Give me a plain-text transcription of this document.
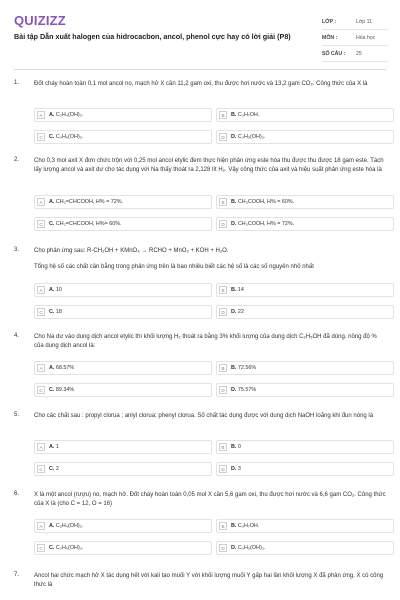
QUIZIZZ
Bài tập Dẫn xuất halogen của hidrocacbon, ancol, phenol cực hay có lời giải (P8)
LỚP :	Lớp 11
MÔN :	Hóa học
SỐ CÂU :	25
1. Đốt cháy hoàn toàn 0,1 mol ancol no, mạch hở X cần 11,2 gam oxi, thu được hơi nước và 13,2 gam CO₂. Công thức của X là
A	A. C₂H₄(OH)₂.	B	B. C₃H₇OH.
C	C. C₃H₆(OH)₂.	D	D. C₃H₅(OH)₃.
2. Cho 0,3 mol axit X đơn chức trộn với 0,25 mol ancol etylic đem thực hiện phản ứng este hóa thu được thu được 18 gam este. Tách lấy lượng ancol và axit dư cho tác dụng với Na thấy thoát ra 2,128 lít H₂. Vậy công thức của axit và hiệu suất phản ứng este hóa là
A	A. CH₂=CHCOOH, H% = 72%.	B	B. CH₃COOH, H% = 60%.
C	C. CH₂=CHCOOH, H%= 60%.	D	D. CH₃COOH, H% = 72%.
3. Cho phản ứng sau: R-CH₂OH + KMnO₄ → RCHO + MnO₂ + KOH + H₂O.
Tổng hệ số các chất cân bằng trong phản ứng trên là bao nhiêu biết các hệ số là các số nguyên nhỏ nhất
A	A. 10	B	B. 14
C	C. 18	D	D. 22
4. Cho Na dư vào dung dịch ancol etylic thì khối lượng H₂ thoát ra bằng 3% khối lượng của dung dịch C₂H₅OH đã dùng. nồng độ % của dung dịch ancol là:
A	A. 68.57%	B	B. 72.56%
C	C. 89.34%	D	D. 75.57%
5. Cho các chất sau : propyl clorua ; anlyl clorua; phenyl clorua. Số chất tác dụng được với dung dịch NaOH loãng khi đun nóng là
A	A. 1	B	B. 0
C	C. 2	D	D. 3
6. X là một ancol (rượu) no, mạch hở. Đốt cháy hoàn toàn 0,05 mol X cần 5,6 gam oxi, thu được hơi nước và 6,6 gam CO₂. Công thức của X là (cho C = 12, O = 16)
A	A. C₂H₄(OH)₂.	B	B. C₃H₇OH.
C	C. C₃H₅(OH)₃.	D	D. C₃H₅(OH)₃.
7. Ancol hai chức mạch hở X tác dụng hết với kali tạo muối Y với khối lượng muối Y gấp hai lần khối lượng X đã phản ứng. X có công thức là
